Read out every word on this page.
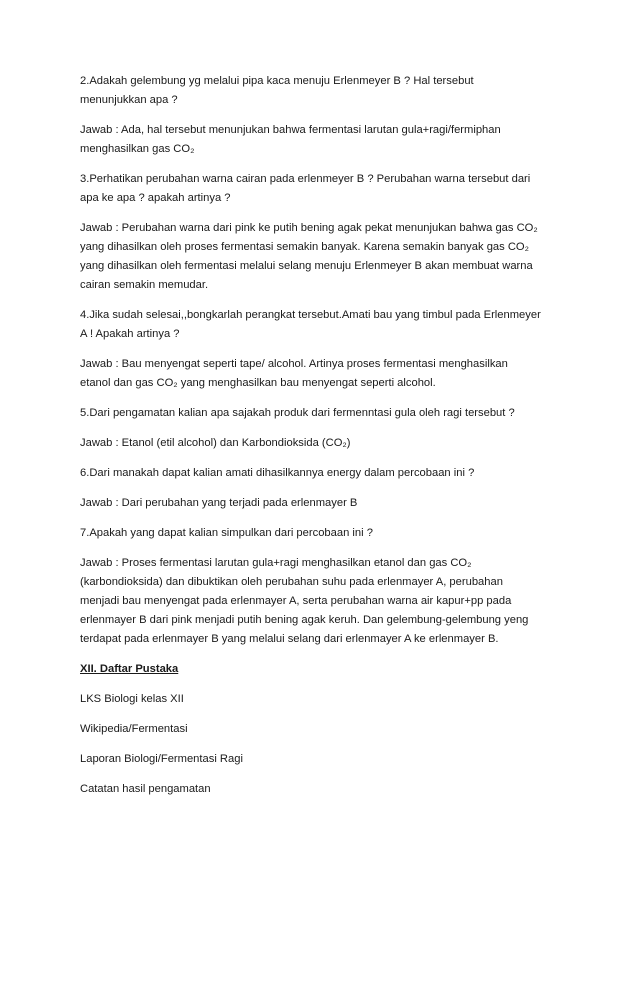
2.Adakah gelembung yg melalui pipa kaca menuju Erlenmeyer B ? Hal tersebut
menunjukkan apa ?

Jawab : Ada, hal tersebut menunjukan bahwa fermentasi larutan gula+ragi/fermiphan
menghasilkan gas CO₂

3.Perhatikan perubahan warna cairan pada erlenmeyer B ? Perubahan warna tersebut dari
apa ke apa ? apakah artinya ?

Jawab : Perubahan warna dari pink ke putih bening agak pekat menunjukan bahwa gas CO₂
yang dihasilkan oleh proses fermentasi semakin banyak. Karena semakin banyak gas CO₂
yang dihasilkan oleh fermentasi melalui selang menuju Erlenmeyer B akan membuat warna
cairan semakin memudar.

4.Jika sudah selesai,,bongkarlah perangkat tersebut.Amati bau yang timbul pada Erlenmeyer
A ! Apakah artinya ?

Jawab : Bau menyengat seperti tape/ alcohol. Artinya proses fermentasi menghasilkan
etanol dan gas CO₂ yang menghasilkan bau menyengat seperti alcohol.

5.Dari pengamatan kalian apa sajakah produk dari fermenntasi gula oleh ragi tersebut ?

Jawab : Etanol (etil alcohol) dan Karbondioksida (CO₂)

6.Dari manakah dapat kalian amati dihasilkannya energy dalam percobaan ini ?

Jawab : Dari perubahan yang terjadi pada erlenmayer B

7.Apakah yang dapat kalian simpulkan dari percobaan ini ?

Jawab : Proses fermentasi larutan gula+ragi menghasilkan etanol dan gas CO₂
(karbondioksida) dan dibuktikan oleh perubahan suhu pada erlenmayer A, perubahan
menjadi bau menyengat pada erlenmayer A, serta perubahan warna air kapur+pp pada
erlenmayer B dari pink menjadi putih bening agak keruh. Dan gelembung-gelembung yeng
terdapat pada erlenmayer B yang melalui selang dari erlenmayer A ke erlenmayer B.

XII. Daftar Pustaka

LKS Biologi kelas XII

Wikipedia/Fermentasi

Laporan Biologi/Fermentasi Ragi

Catatan hasil pengamatan
